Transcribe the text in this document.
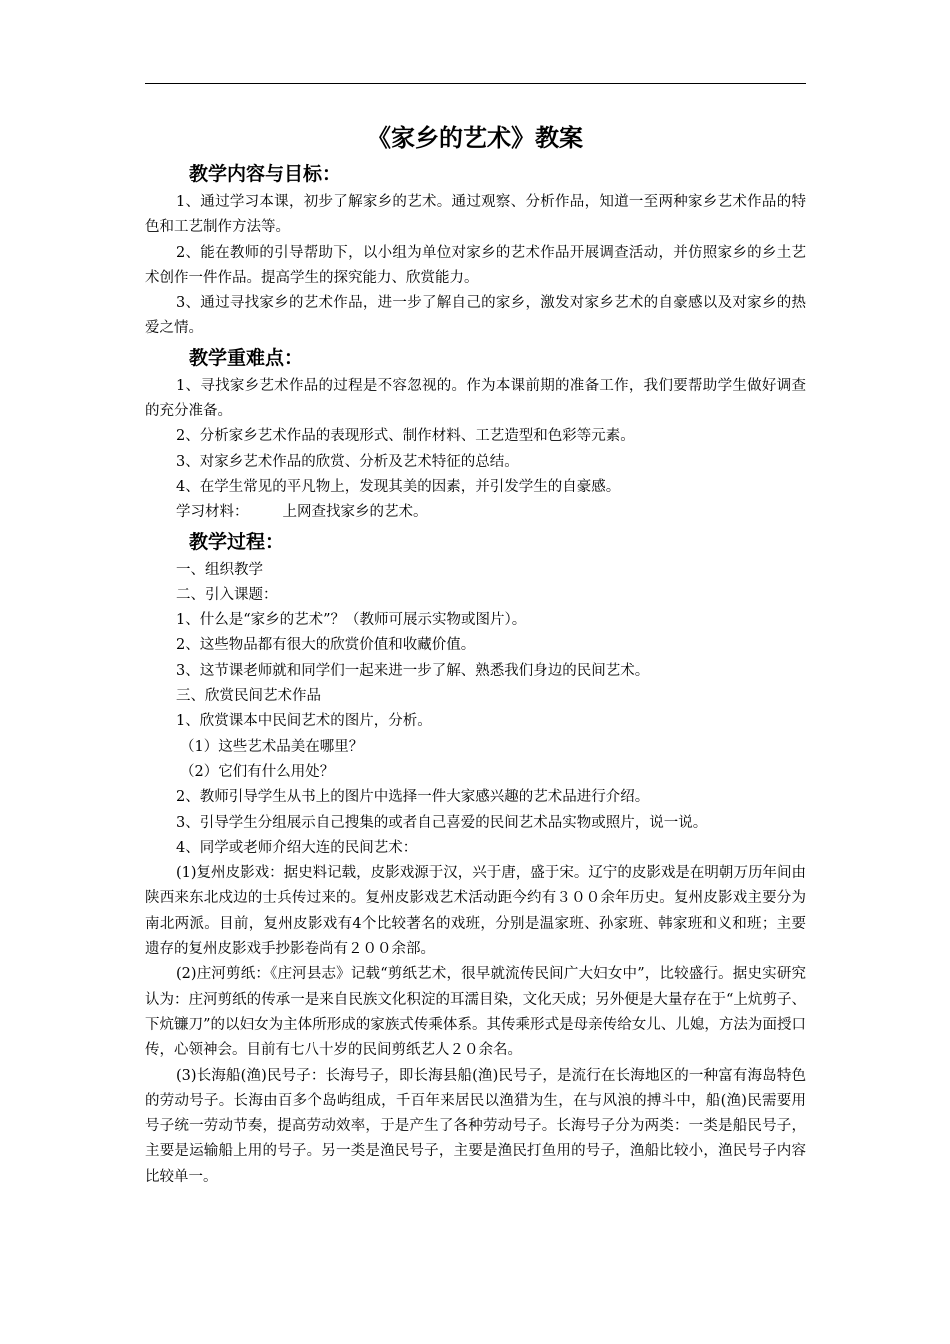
《家乡的艺术》教案
教学内容与目标：

1、通过学习本课，初步了解家乡的艺术。通过观察、分析作品，知道一至两种家乡艺术作品的特色和工艺制作方法等。

2、能在教师的引导帮助下，以小组为单位对家乡的艺术作品开展调查活动，并仿照家乡的乡土艺术创作一件作品。提高学生的探究能力、欣赏能力。

3、通过寻找家乡的艺术作品，进一步了解自己的家乡，激发对家乡艺术的自豪感以及对家乡的热爱之情。

教学重难点：

1、寻找家乡艺术作品的过程是不容忽视的。作为本课前期的准备工作，我们要帮助学生做好调查的充分准备。

2、分析家乡艺术作品的表现形式、制作材料、工艺造型和色彩等元素。

3、对家乡艺术作品的欣赏、分析及艺术特征的总结。

4、在学生常见的平凡物上，发现其美的因素，并引发学生的自豪感。

学习材料： 上网查找家乡的艺术。

教学过程：

一、组织教学

二、引入课题：

1、什么是“家乡的艺术”？（教师可展示实物或图片）。

2、这些物品都有很大的欣赏价值和收藏价值。

3、这节课老师就和同学们一起来进一步了解、熟悉我们身边的民间艺术。

三、欣赏民间艺术作品

1、欣赏课本中民间艺术的图片，分析。

（1）这些艺术品美在哪里？

（2）它们有什么用处？

2、教师引导学生从书上的图片中选择一件大家感兴趣的艺术品进行介绍。

3、引导学生分组展示自己搜集的或者自己喜爱的民间艺术品实物或照片，说一说。

4、同学或老师介绍大连的民间艺术：

(1)复州皮影戏：据史料记载，皮影戏源于汉，兴于唐，盛于宋。辽宁的皮影戏是在明朝万历年间由陕西来东北戍边的士兵传过来的。复州皮影戏艺术活动距今约有３００余年历史。复州皮影戏主要分为南北两派。目前，复州皮影戏有4个比较著名的戏班，分别是温家班、孙家班、韩家班和义和班；主要遗存的复州皮影戏手抄影卷尚有２００余部。

(2)庄河剪纸：《庄河县志》记载“剪纸艺术，很早就流传民间广大妇女中”，比较盛行。据史实研究认为：庄河剪纸的传承一是来自民族文化积淀的耳濡目染，文化天成；另外便是大量存在于“上炕剪子、下炕镰刀”的以妇女为主体所形成的家族式传乘体系。其传乘形式是母亲传给女儿、儿媳，方法为面授口传，心领神会。目前有七八十岁的民间剪纸艺人２０余名。

(3)长海船(渔)民号子：长海号子，即长海县船(渔)民号子，是流行在长海地区的一种富有海岛特色的劳动号子。长海由百多个岛屿组成，千百年来居民以渔猎为生，在与风浪的搏斗中，船(渔)民需要用号子统一劳动节奏，提高劳动效率，于是产生了各种劳动号子。长海号子分为两类：一类是船民号子，主要是运输船上用的号子。另一类是渔民号子，主要是渔民打鱼用的号子，渔船比较小，渔民号子内容比较单一。
